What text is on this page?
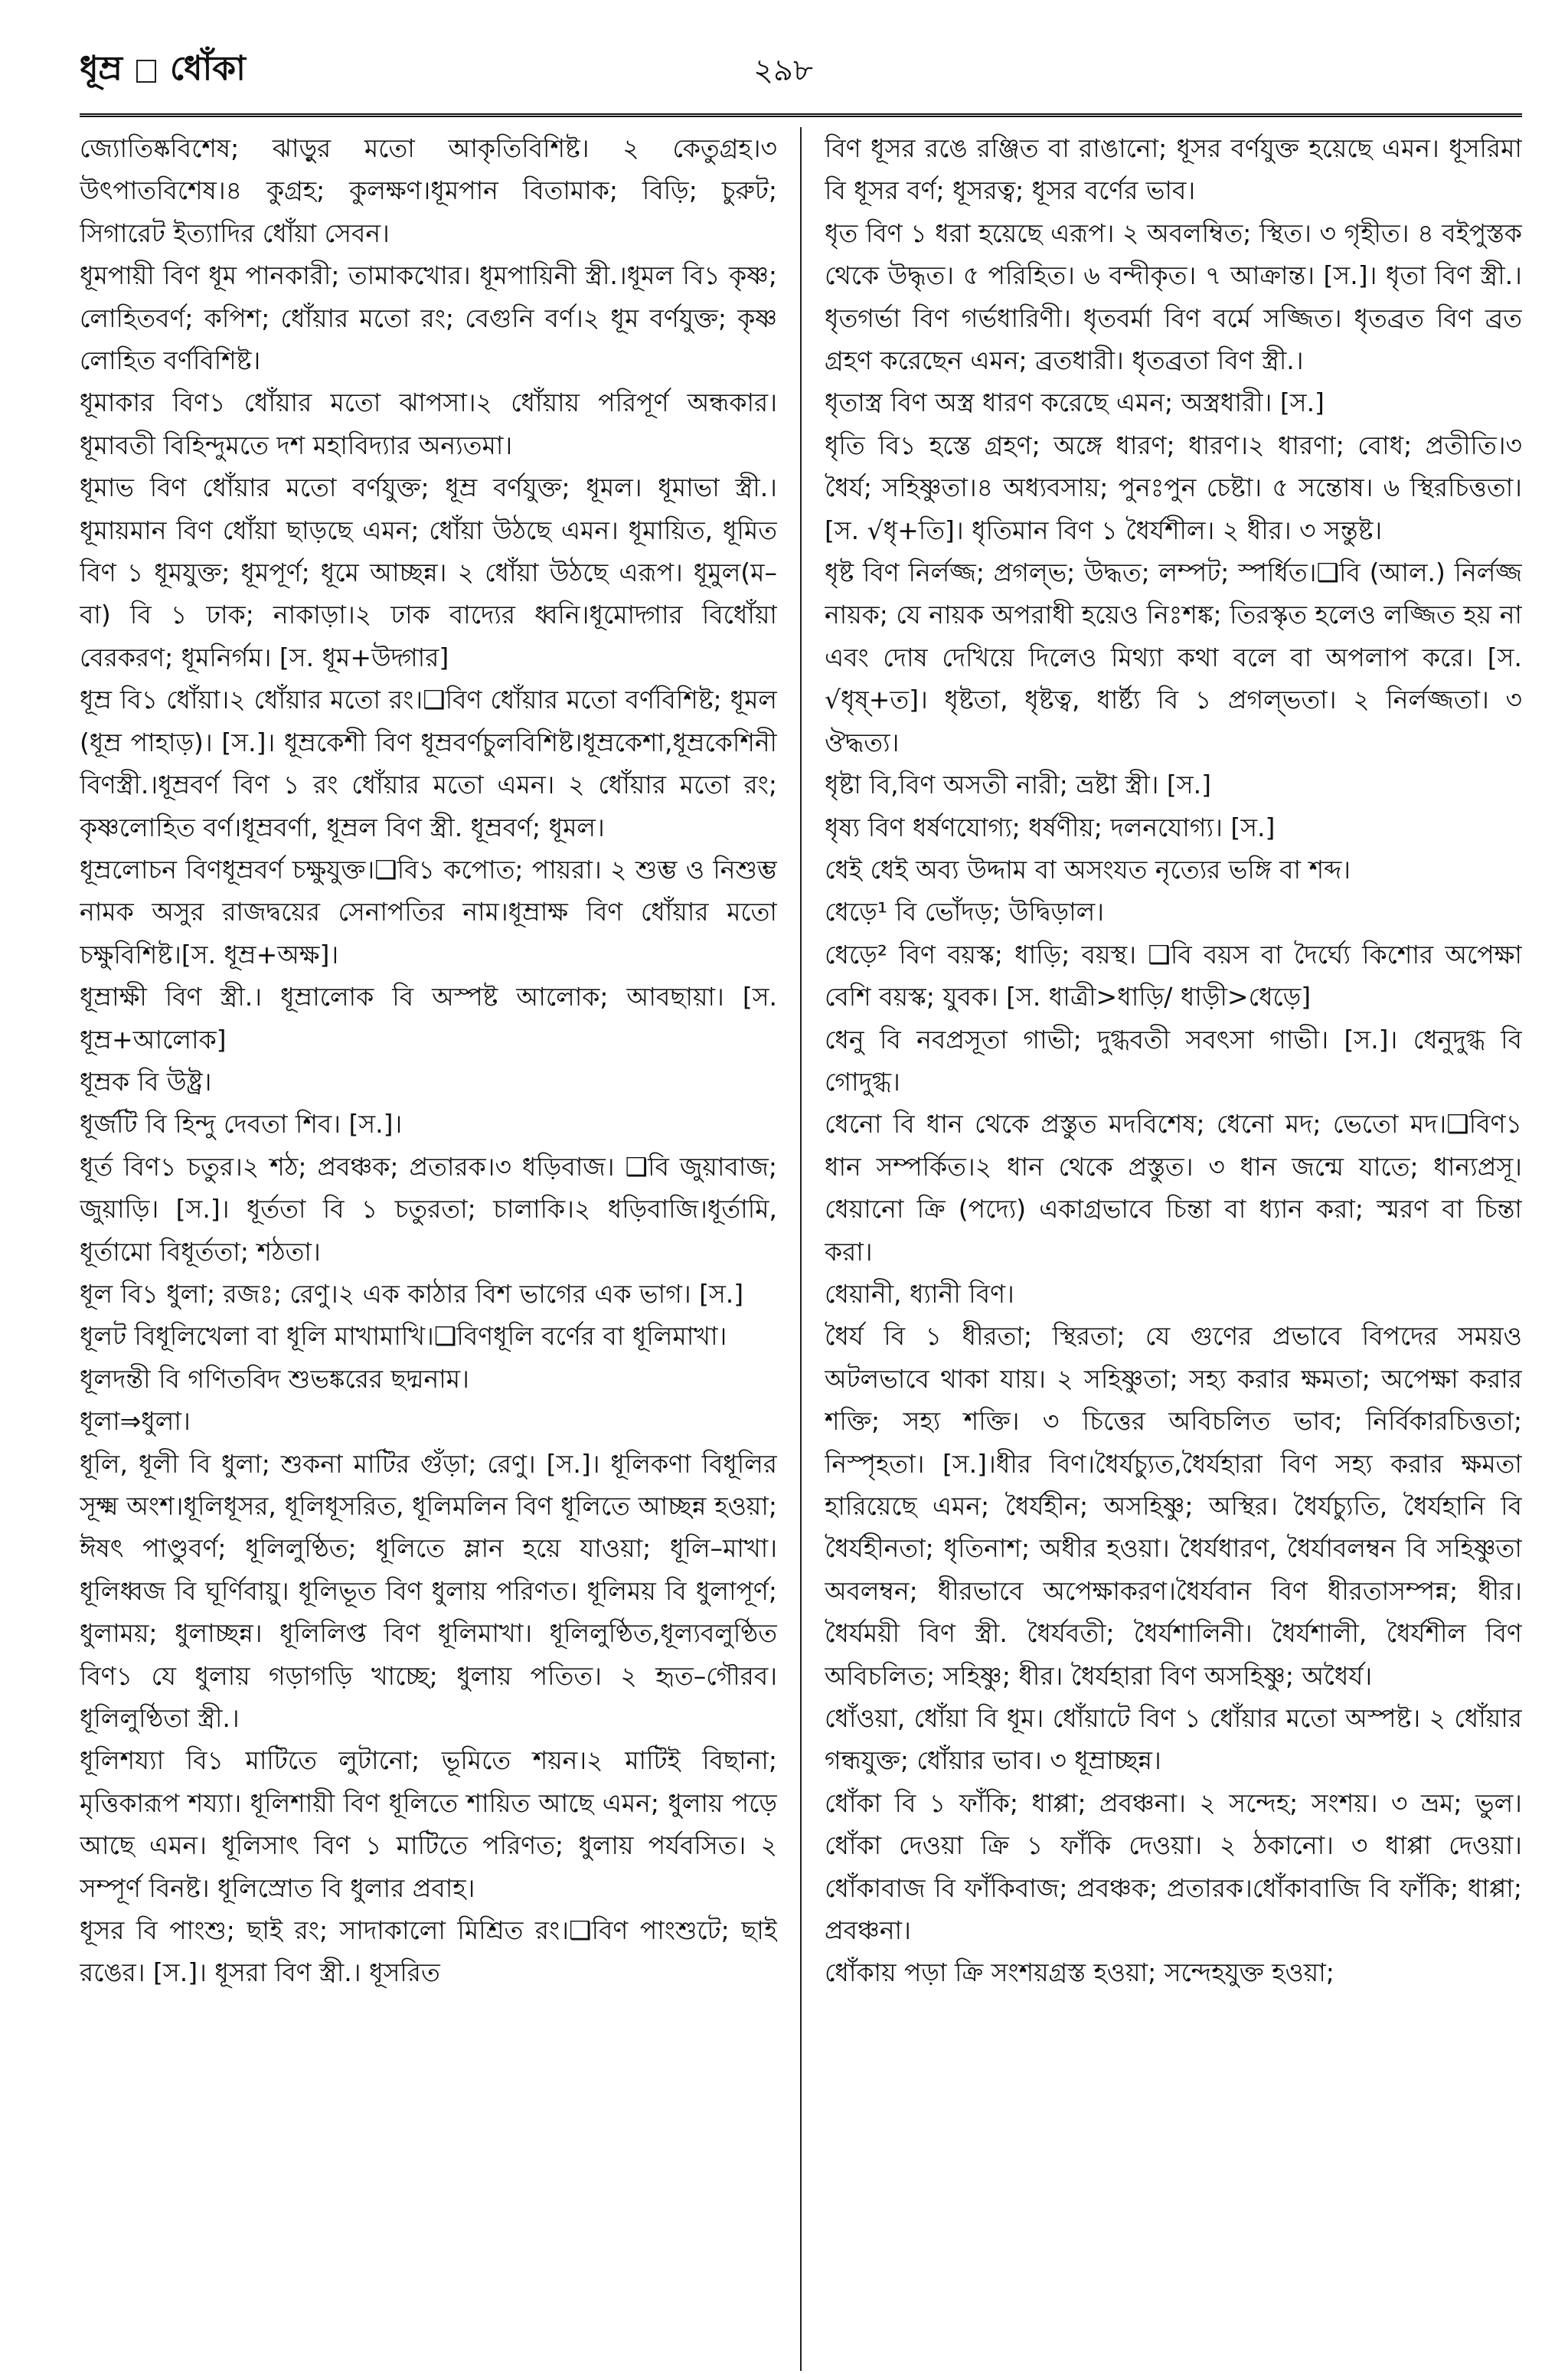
ধূম্র ধোঁকা	২৯৮

জ্যোতিষ্কবিশেষ; ঝাড়ুর মতো আকৃতিবিশিষ্ট। ২ কেতুগ্রহ।৩ উৎপাতবিশেষ।৪ কুগ্রহ; কুলক্ষণ।ধূমপান বিতামাক; বিড়ি; চুরুট; সিগারেট ইত্যাদির ধোঁয়া সেবন।

ধূমপায়ী বিণ ধূম পানকারী; তামাকখোর। ধূমপায়িনী স্ত্রী.।ধূমল বি১ কৃষ্ণ; লোহিতবর্ণ; কপিশ; ধোঁয়ার মতো রং; বেগুনি বর্ণ।২ ধূম বর্ণযুক্ত; কৃষ্ণ লোহিত বর্ণবিশিষ্ট।

ধূমাকার বিণ১ ধোঁয়ার মতো ঝাপসা।২ ধোঁয়ায় পরিপূর্ণ অন্ধকার।ধূমাবতী বিহিন্দুমতে দশ মহাবিদ্যার অন্যতমা।

ধূমাভ বিণ ধোঁয়ার মতো বর্ণযুক্ত; ধূম্র বর্ণযুক্ত; ধূমল। ধূমাভা স্ত্রী.। ধূমায়মান বিণ ধোঁয়া ছাড়ছে এমন; ধোঁয়া উঠছে এমন। ধূমায়িত, ধূমিত বিণ ১ ধূমযুক্ত; ধূমপূর্ণ; ধূমে আচ্ছন্ন। ২ ধোঁয়া উঠছে এরূপ। ধূমুল(ম–বা) বি ১ ঢাক; নাকাড়া।২ ঢাক বাদ্যের ধ্বনি।ধূমোদ্গার বিধোঁয়া বেরকরণ; ধূমনির্গম। [স. ধূম+উদ্গার]

ধূম্র বি১ ধোঁয়া।২ ধোঁয়ার মতো রং।❑বিণ ধোঁয়ার মতো বর্ণবিশিষ্ট; ধূমল (ধূম্র পাহাড়)। [স.]। ধূম্রকেশী বিণ ধূম্রবর্ণচুলবিশিষ্ট।ধূম্রকেশা,ধূম্রকেশিনী বিণস্ত্রী.।ধূম্রবর্ণ বিণ ১ রং ধোঁয়ার মতো এমন। ২ ধোঁয়ার মতো রং; কৃষ্ণলোহিত বর্ণ।ধূম্রবর্ণা, ধূম্রল বিণ স্ত্রী. ধূম্রবর্ণ; ধূমল।

ধূম্রলোচন বিণধূম্রবর্ণ চক্ষুযুক্ত।❑বি১ কপোত; পায়রা। ২ শুম্ভ ও নিশুম্ভ নামক অসুর রাজদ্বয়ের সেনাপতির নাম।ধূম্রাক্ষ বিণ ধোঁয়ার মতো চক্ষুবিশিষ্ট।[স. ধূম্র+অক্ষ]।

ধূম্রাক্ষী বিণ স্ত্রী.। ধূম্রালোক বি অস্পষ্ট আলোক; আবছায়া। [স. ধূম্র+আলোক]

ধূম্রক বি উষ্ট্র।

ধূর্জটি বি হিন্দু দেবতা শিব। [স.]।

ধূর্ত বিণ১ চতুর।২ শঠ; প্রবঞ্চক; প্রতারক।৩ ধড়িবাজ। ❑বি জুয়াবাজ; জুয়াড়ি। [স.]। ধূর্ততা বি ১ চতুরতা; চালাকি।২ ধড়িবাজি।ধূর্তামি, ধূর্তামো বিধূর্ততা; শঠতা।

ধূল বি১ ধুলা; রজঃ; রেণু।২ এক কাঠার বিশ ভাগের এক ভাগ। [স.]

ধূলট বিধূলিখেলা বা ধূলি মাখামাখি।❑বিণধূলি বর্ণের বা ধূলিমাখা।

ধূলদন্তী বি গণিতবিদ শুভঙ্করের ছদ্মনাম।

ধূলা⇒ধুলা।

ধূলি, ধূলী বি ধুলা; শুকনা মাটির গুঁড়া; রেণু। [স.]। ধূলিকণা বিধূলির সূক্ষ্ম অংশ।ধূলিধূসর, ধূলিধূসরিত, ধূলিমলিন বিণ ধূলিতে আচ্ছন্ন হওয়া; ঈষৎ পাণ্ডুবর্ণ; ধূলিলুণ্ঠিত; ধূলিতে ম্লান হয়ে যাওয়া; ধূলি–মাখা।ধূলিধ্বজ বি ঘূর্ণিবায়ু। ধূলিভূত বিণ ধুলায় পরিণত। ধূলিময় বি ধুলাপূর্ণ; ধুলাময়; ধুলাচ্ছন্ন। ধূলিলিপ্ত বিণ ধূলিমাখা। ধূলিলুণ্ঠিত,ধূল্যবলুণ্ঠিত বিণ১ যে ধুলায় গড়াগড়ি খাচ্ছে; ধুলায় পতিত। ২ হৃত–গৌরব। ধূলিলুণ্ঠিতা স্ত্রী.।

ধূলিশয্যা বি১ মাটিতে লুটানো; ভূমিতে শয়ন।২ মাটিই বিছানা; মৃত্তিকারূপ শয্যা। ধূলিশায়ী বিণ ধূলিতে শায়িত আছে এমন; ধুলায় পড়ে আছে এমন। ধূলিসাৎ বিণ ১ মাটিতে পরিণত; ধুলায় পর্যবসিত। ২ সম্পূর্ণ বিনষ্ট। ধূলিস্রোত বি ধুলার প্রবাহ।

ধূসর বি পাংশু; ছাই রং; সাদাকালো মিশ্রিত রং।❑বিণ পাংশুটে; ছাই রঙের। [স.]। ধূসরা বিণ স্ত্রী.। ধূসরিত

বিণ ধূসর রঙে রঞ্জিত বা রাঙানো; ধূসর বর্ণযুক্ত হয়েছে এমন। ধূসরিমা বি ধূসর বর্ণ; ধূসরত্ব; ধূসর বর্ণের ভাব।

ধৃত বিণ ১ ধরা হয়েছে এরূপ। ২ অবলম্বিত; স্থিত। ৩ গৃহীত। ৪ বইপুস্তক থেকে উদ্ধৃত। ৫ পরিহিত। ৬ বন্দীকৃত। ৭ আক্রান্ত। [স.]। ধৃতা বিণ স্ত্রী.। ধৃতগর্ভা বিণ গর্ভধারিণী। ধৃতবর্মা বিণ বর্মে সজ্জিত। ধৃতব্রত বিণ ব্রত গ্রহণ করেছেন এমন; ব্রতধারী। ধৃতব্রতা বিণ স্ত্রী.।

ধৃতাস্ত্র বিণ অস্ত্র ধারণ করেছে এমন; অস্ত্রধারী। [স.]

ধৃতি বি১ হস্তে গ্রহণ; অঙ্গে ধারণ; ধারণ।২ ধারণা; বোধ; প্রতীতি।৩ ধৈর্য; সহিষ্ণুতা।৪ অধ্যবসায়; পুনঃপুন চেষ্টা। ৫ সন্তোষ। ৬ স্থিরচিত্ততা। [স. √ধৃ+তি]। ধৃতিমান বিণ ১ ধৈর্যশীল। ২ ধীর। ৩ সন্তুষ্ট।

ধৃষ্ট বিণ নির্লজ্জ; প্রগল্‌ভ; উদ্ধত; লম্পট; স্পর্ধিত।❑বি (আল.) নির্লজ্জ নায়ক; যে নায়ক অপরাধী হয়েও নিঃশঙ্ক; তিরস্কৃত হলেও লজ্জিত হয় না এবং দোষ দেখিয়ে দিলেও মিথ্যা কথা বলে বা অপলাপ করে। [স. √ধৃষ্‌+ত]। ধৃষ্টতা, ধৃষ্টত্ব, ধার্ষ্ট্য বি ১ প্রগল্‌ভতা। ২ নির্লজ্জতা। ৩ ঔদ্ধত্য।

ধৃষ্টা বি,বিণ অসতী নারী; ভ্রষ্টা স্ত্রী। [স.]

ধৃষ্য বিণ ধর্ষণযোগ্য; ধর্ষণীয়; দলনযোগ্য। [স.]

ধেই ধেই অব্য উদ্দাম বা অসংযত নৃত্যের ভঙ্গি বা শব্দ।

ধেড়ে¹ বি ভোঁদড়; উদ্বিড়াল।

ধেড়ে² বিণ বয়স্ক; ধাড়ি; বয়স্থ। ❑বি বয়স বা দৈর্ঘ্যে কিশোর অপেক্ষা বেশি বয়স্ক; যুবক। [স. ধাত্রী>ধাড়ি/ ধাড়ী>ধেড়ে]

ধেনু বি নবপ্রসূতা গাভী; দুগ্ধবতী সবৎসা গাভী। [স.]। ধেনুদুগ্ধ বি গোদুগ্ধ।

ধেনো বি ধান থেকে প্রস্তুত মদবিশেষ; ধেনো মদ; ভেতো মদ।❑বিণ১ ধান সম্পর্কিত।২ ধান থেকে প্রস্তুত। ৩ ধান জন্মে যাতে; ধান্যপ্রসূ। ধেয়ানো ক্রি (পদ্যে) একাগ্রভাবে চিন্তা বা ধ্যান করা; স্মরণ বা চিন্তা করা।

ধেয়ানী, ধ্যানী বিণ।

ধৈর্য বি ১ ধীরতা; স্থিরতা; যে গুণের প্রভাবে বিপদের সময়ও অটলভাবে থাকা যায়। ২ সহিষ্ণুতা; সহ্য করার ক্ষমতা; অপেক্ষা করার শক্তি; সহ্য শক্তি। ৩ চিত্তের অবিচলিত ভাব; নির্বিকারচিত্ততা; নিস্পৃহতা। [স.]।ধীর বিণ।ধৈর্যচ্যুত,ধৈর্যহারা বিণ সহ্য করার ক্ষমতা হারিয়েছে এমন; ধৈর্যহীন; অসহিষ্ণু; অস্থির। ধৈর্যচ্যুতি, ধৈর্যহানি বি ধৈর্যহীনতা; ধৃতিনাশ; অধীর হওয়া। ধৈর্যধারণ, ধৈর্যাবলম্বন বি সহিষ্ণুতা অবলম্বন; ধীরভাবে অপেক্ষাকরণ।ধৈর্যবান বিণ ধীরতাসম্পন্ন; ধীর।ধৈর্যময়ী বিণ স্ত্রী. ধৈর্যবতী; ধৈর্যশালিনী। ধৈর্যশালী, ধৈর্যশীল বিণ অবিচলিত; সহিষ্ণু; ধীর। ধৈর্যহারা বিণ অসহিষ্ণু; অধৈর্য।

ধোঁওয়া, ধোঁয়া বি ধূম। ধোঁয়াটে বিণ ১ ধোঁয়ার মতো অস্পষ্ট। ২ ধোঁয়ার গন্ধযুক্ত; ধোঁয়ার ভাব। ৩ ধূম্রাচ্ছন্ন।

ধোঁকা বি ১ ফাঁকি; ধাপ্পা; প্রবঞ্চনা। ২ সন্দেহ; সংশয়। ৩ ভ্রম; ভুল। ধোঁকা দেওয়া ক্রি ১ ফাঁকি দেওয়া। ২ ঠকানো। ৩ ধাপ্পা দেওয়া। ধোঁকাবাজ বি ফাঁকিবাজ; প্রবঞ্চক; প্রতারক।ধোঁকাবাজি বি ফাঁকি; ধাপ্পা; প্রবঞ্চনা।

ধোঁকায় পড়া ক্রি সংশয়গ্রস্ত হওয়া; সন্দেহযুক্ত হওয়া;
